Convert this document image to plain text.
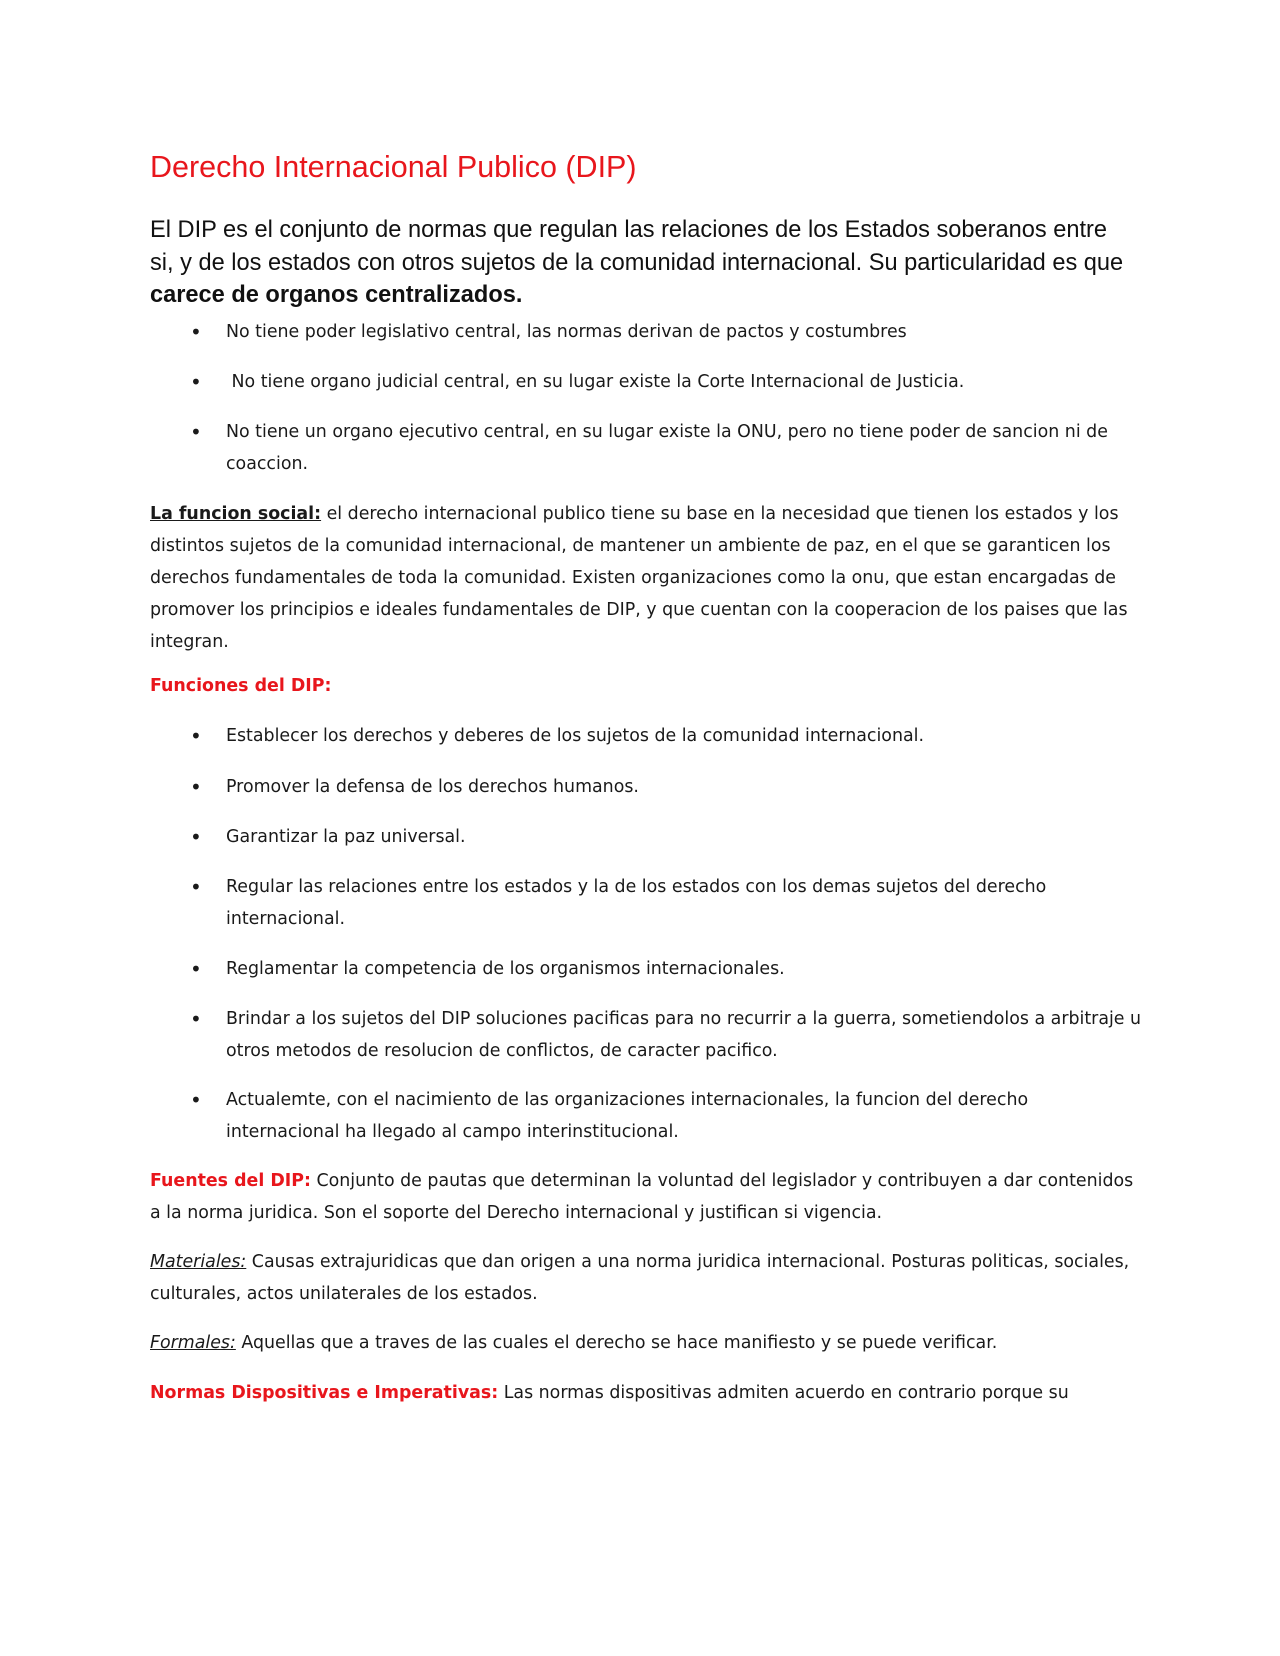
Derecho Internacional Publico (DIP)

El DIP es el conjunto de normas que regulan las relaciones de los Estados soberanos entre si, y de los estados con otros sujetos de la comunidad internacional. Su particularidad es que carece de organos centralizados.

•	No tiene poder legislativo central, las normas derivan de pactos y costumbres

•	No tiene organo judicial central, en su lugar existe la Corte Internacional de Justicia.

•	No tiene un organo ejecutivo central, en su lugar existe la ONU, pero no tiene poder de sancion ni de coaccion.

La funcion social: el derecho internacional publico tiene su base en la necesidad que tienen los estados y los distintos sujetos de la comunidad internacional, de mantener un ambiente de paz, en el que se garanticen los derechos fundamentales de toda la comunidad. Existen organizaciones como la onu, que estan encargadas de promover los principios e ideales fundamentales de DIP, y que cuentan con la cooperacion de los paises que las integran.

Funciones del DIP:

•	Establecer los derechos y deberes de los sujetos de la comunidad internacional.

•	Promover la defensa de los derechos humanos.

•	Garantizar la paz universal.

•	Regular las relaciones entre los estados y la de los estados con los demas sujetos del derecho internacional.

•	Reglamentar la competencia de los organismos internacionales.

•	Brindar a los sujetos del DIP soluciones pacificas para no recurrir a la guerra, sometiendolos a arbitraje u otros metodos de resolucion de conflictos, de caracter pacifico.

•	Actualemte, con el nacimiento de las organizaciones internacionales, la funcion del derecho internacional ha llegado al campo interinstitucional.

Fuentes del DIP: Conjunto de pautas que determinan la voluntad del legislador y contribuyen a dar contenidos a la norma juridica. Son el soporte del Derecho internacional y justifican si vigencia.

Materiales: Causas extrajuridicas que dan origen a una norma juridica internacional. Posturas politicas, sociales, culturales, actos unilaterales de los estados.

Formales: Aquellas que a traves de las cuales el derecho se hace manifiesto y se puede verificar.

Normas Dispositivas e Imperativas: Las normas dispositivas admiten acuerdo en contrario porque su
